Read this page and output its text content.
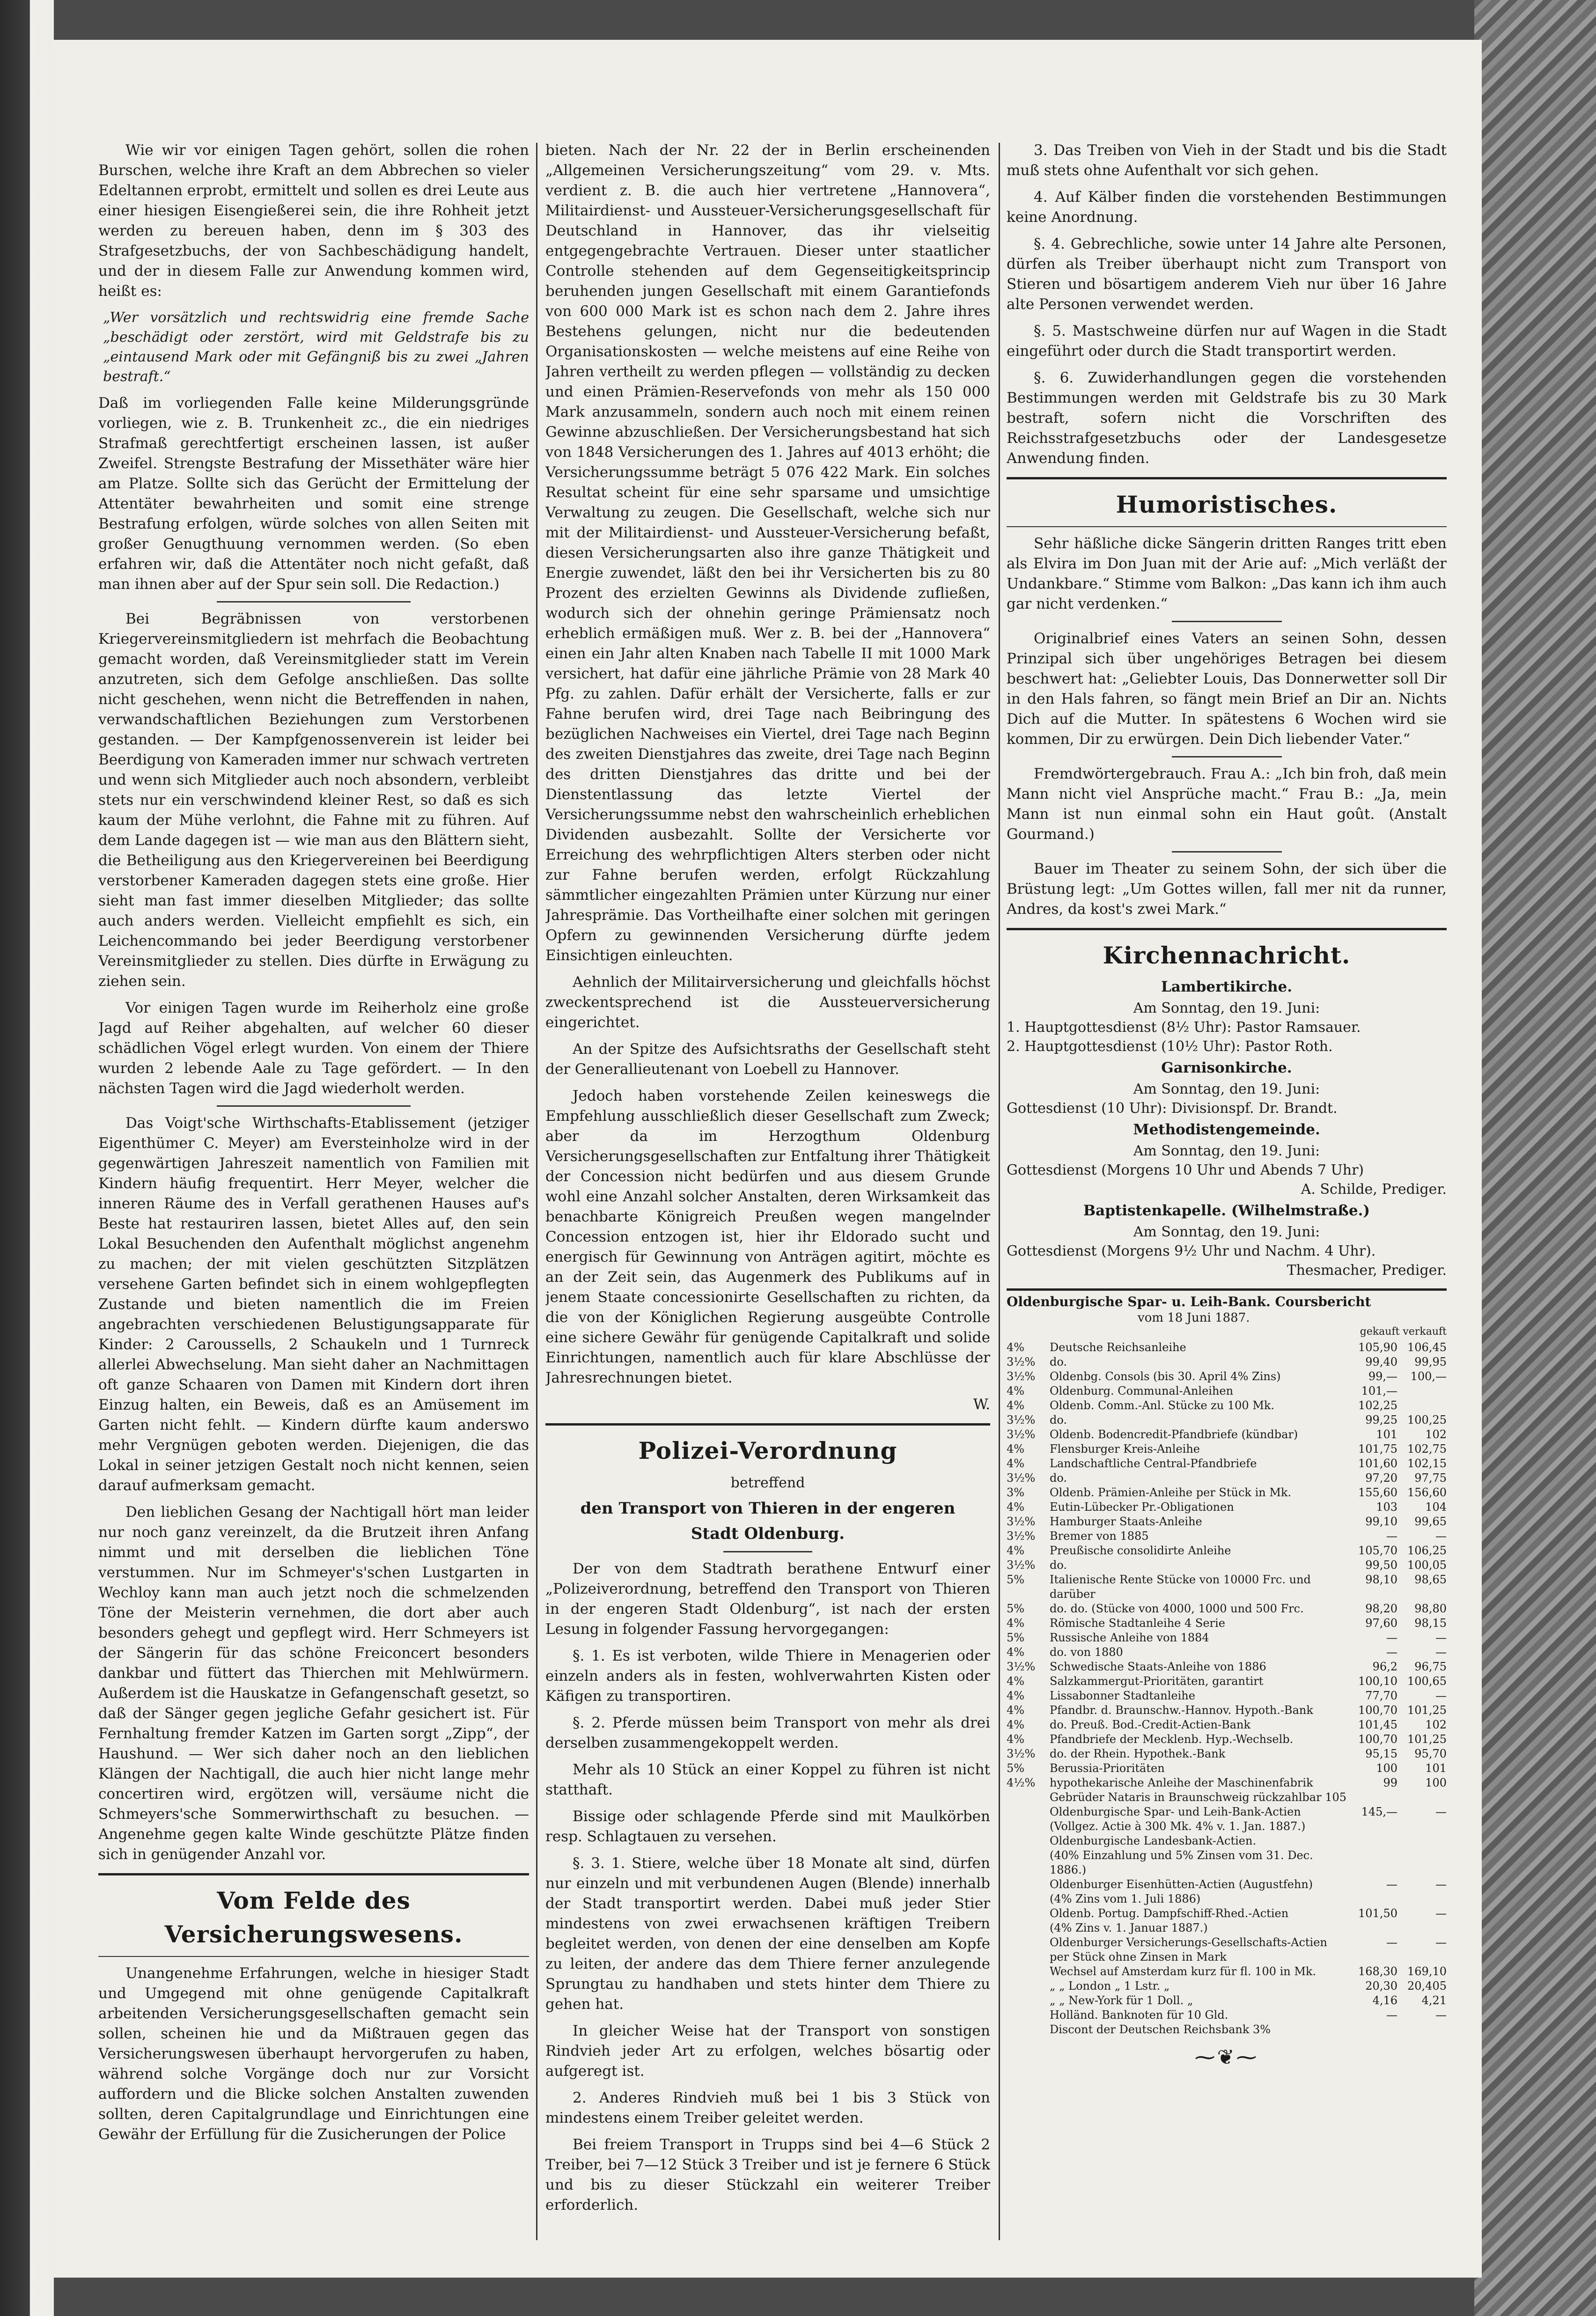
Wie wir vor einigen Tagen gehört, sollen die rohen Burschen, welche ihre Kraft an dem Abbrechen so vieler Edeltannen erprobt, ermittelt und sollen es drei Leute aus einer hiesigen Eisengießerei sein, die ihre Rohheit jetzt werden zu bereuen haben, denn im § 303 des Strafgesetzbuchs, der von Sachbeschädigung handelt, und der in diesem Falle zur Anwendung kommen wird, heißt es:

„Wer vorsätzlich und rechtswidrig eine fremde Sache „beschädigt oder zerstört, wird mit Geldstrafe bis zu „eintausend Mark oder mit Gefängniß bis zu zwei „Jahren bestraft.“

Daß im vorliegenden Falle keine Milderungsgründe vorliegen, wie z. B. Trunkenheit zc., die ein niedriges Strafmaß gerechtfertigt erscheinen lassen, ist außer Zweifel. Strengste Bestrafung der Missethäter wäre hier am Platze. Sollte sich das Gerücht der Ermittelung der Attentäter bewahrheiten und somit eine strenge Bestrafung erfolgen, würde solches von allen Seiten mit großer Genugthuung vernommen werden. (So eben erfahren wir, daß die Attentäter noch nicht gefaßt, daß man ihnen aber auf der Spur sein soll. Die Redaction.)

Bei Begräbnissen von verstorbenen Kriegervereinsmitgliedern ist mehrfach die Beobachtung gemacht worden, daß Vereinsmitglieder statt im Verein anzutreten, sich dem Gefolge anschließen. Das sollte nicht geschehen, wenn nicht die Betreffenden in nahen, verwandschaftlichen Beziehungen zum Verstorbenen gestanden. — Der Kampfgenossenverein ist leider bei Beerdigung von Kameraden immer nur schwach vertreten und wenn sich Mitglieder auch noch absondern, verbleibt stets nur ein verschwindend kleiner Rest, so daß es sich kaum der Mühe verlohnt, die Fahne mit zu führen. Auf dem Lande dagegen ist — wie man aus den Blättern sieht, die Betheiligung aus den Kriegervereinen bei Beerdigung verstorbener Kameraden dagegen stets eine große. Hier sieht man fast immer dieselben Mitglieder; das sollte auch anders werden. Vielleicht empfiehlt es sich, ein Leichencommando bei jeder Beerdigung verstorbener Vereinsmitglieder zu stellen. Dies dürfte in Erwägung zu ziehen sein.

Vor einigen Tagen wurde im Reiherholz eine große Jagd auf Reiher abgehalten, auf welcher 60 dieser schädlichen Vögel erlegt wurden. Von einem der Thiere wurden 2 lebende Aale zu Tage gefördert. — In den nächsten Tagen wird die Jagd wiederholt werden.

Das Voigt'sche Wirthschafts-Etablissement (jetziger Eigenthümer C. Meyer) am Eversteinholze wird in der gegenwärtigen Jahreszeit namentlich von Familien mit Kindern häufig frequentirt. Herr Meyer, welcher die inneren Räume des in Verfall gerathenen Hauses auf's Beste hat restauriren lassen, bietet Alles auf, den sein Lokal Besuchenden den Aufenthalt möglichst angenehm zu machen; der mit vielen geschützten Sitzplätzen versehene Garten befindet sich in einem wohlgepflegten Zustande und bieten namentlich die im Freien angebrachten verschiedenen Belustigungsapparate für Kinder: 2 Caroussells, 2 Schaukeln und 1 Turnreck allerlei Abwechselung. Man sieht daher an Nachmittagen oft ganze Schaaren von Damen mit Kindern dort ihren Einzug halten, ein Beweis, daß es an Amüsement im Garten nicht fehlt. — Kindern dürfte kaum anderswo mehr Vergnügen geboten werden. Diejenigen, die das Lokal in seiner jetzigen Gestalt noch nicht kennen, seien darauf aufmerksam gemacht.

Den lieblichen Gesang der Nachtigall hört man leider nur noch ganz vereinzelt, da die Brutzeit ihren Anfang nimmt und mit derselben die lieblichen Töne verstummen. Nur im Schmeyer's'schen Lustgarten in Wechloy kann man auch jetzt noch die schmelzenden Töne der Meisterin vernehmen, die dort aber auch besonders gehegt und gepflegt wird. Herr Schmeyers ist der Sängerin für das schöne Freiconcert besonders dankbar und füttert das Thierchen mit Mehlwürmern. Außerdem ist die Hauskatze in Gefangenschaft gesetzt, so daß der Sänger gegen jegliche Gefahr gesichert ist. Für Fernhaltung fremder Katzen im Garten sorgt „Zipp“, der Haushund. — Wer sich daher noch an den lieblichen Klängen der Nachtigall, die auch hier nicht lange mehr concertiren wird, ergötzen will, versäume nicht die Schmeyers'sche Sommerwirthschaft zu besuchen. — Angenehme gegen kalte Winde geschützte Plätze finden sich in genügender Anzahl vor.

Vom Felde des Versicherungswesens.

Unangenehme Erfahrungen, welche in hiesiger Stadt und Umgegend mit ohne genügende Capitalkraft arbeitenden Versicherungsgesellschaften gemacht sein sollen, scheinen hie und da Mißtrauen gegen das Versicherungswesen überhaupt hervorgerufen zu haben, während solche Vorgänge doch nur zur Vorsicht auffordern und die Blicke solchen Anstalten zuwenden sollten, deren Capitalgrundlage und Einrichtungen eine Gewähr der Erfüllung für die Zusicherungen der Police

bieten. Nach der Nr. 22 der in Berlin erscheinenden „Allgemeinen Versicherungszeitung“ vom 29. v. Mts. verdient z. B. die auch hier vertretene „Hannovera“, Militairdienst- und Aussteuer-Versicherungsgesellschaft für Deutschland in Hannover, das ihr vielseitig entgegengebrachte Vertrauen. Dieser unter staatlicher Controlle stehenden auf dem Gegenseitigkeitsprincip beruhenden jungen Gesellschaft mit einem Garantiefonds von 600 000 Mark ist es schon nach dem 2. Jahre ihres Bestehens gelungen, nicht nur die bedeutenden Organisationskosten — welche meistens auf eine Reihe von Jahren vertheilt zu werden pflegen — vollständig zu decken und einen Prämien-Reservefonds von mehr als 150 000 Mark anzusammeln, sondern auch noch mit einem reinen Gewinne abzuschließen. Der Versicherungsbestand hat sich von 1848 Versicherungen des 1. Jahres auf 4013 erhöht; die Versicherungssumme beträgt 5 076 422 Mark. Ein solches Resultat scheint für eine sehr sparsame und umsichtige Verwaltung zu zeugen. Die Gesellschaft, welche sich nur mit der Militairdienst- und Aussteuer-Versicherung befaßt, diesen Versicherungsarten also ihre ganze Thätigkeit und Energie zuwendet, läßt den bei ihr Versicherten bis zu 80 Prozent des erzielten Gewinns als Dividende zufließen, wodurch sich der ohnehin geringe Prämiensatz noch erheblich ermäßigen muß. Wer z. B. bei der „Hannovera“ einen ein Jahr alten Knaben nach Tabelle II mit 1000 Mark versichert, hat dafür eine jährliche Prämie von 28 Mark 40 Pfg. zu zahlen. Dafür erhält der Versicherte, falls er zur Fahne berufen wird, drei Tage nach Beibringung des bezüglichen Nachweises ein Viertel, drei Tage nach Beginn des zweiten Dienstjahres das zweite, drei Tage nach Beginn des dritten Dienstjahres das dritte und bei der Dienstentlassung das letzte Viertel der Versicherungssumme nebst den wahrscheinlich erheblichen Dividenden ausbezahlt. Sollte der Versicherte vor Erreichung des wehrpflichtigen Alters sterben oder nicht zur Fahne berufen werden, erfolgt Rückzahlung sämmtlicher eingezahlten Prämien unter Kürzung nur einer Jahresprämie. Das Vortheilhafte einer solchen mit geringen Opfern zu gewinnenden Versicherung dürfte jedem Einsichtigen einleuchten.

Aehnlich der Militairversicherung und gleichfalls höchst zweckentsprechend ist die Aussteuerversicherung eingerichtet.

An der Spitze des Aufsichtsraths der Gesellschaft steht der Generallieutenant von Loebell zu Hannover.

Jedoch haben vorstehende Zeilen keineswegs die Empfehlung ausschließlich dieser Gesellschaft zum Zweck; aber da im Herzogthum Oldenburg Versicherungsgesellschaften zur Entfaltung ihrer Thätigkeit der Concession nicht bedürfen und aus diesem Grunde wohl eine Anzahl solcher Anstalten, deren Wirksamkeit das benachbarte Königreich Preußen wegen mangelnder Concession entzogen ist, hier ihr Eldorado sucht und energisch für Gewinnung von Anträgen agitirt, möchte es an der Zeit sein, das Augenmerk des Publikums auf in jenem Staate concessionirte Gesellschaften zu richten, da die von der Königlichen Regierung ausgeübte Controlle eine sichere Gewähr für genügende Capitalkraft und solide Einrichtungen, namentlich auch für klare Abschlüsse der Jahresrechnungen bietet.

W.
Polizei-Verordnung
betreffend
den Transport von Thieren in der engeren
Stadt Oldenburg.

Der von dem Stadtrath berathene Entwurf einer „Polizeiverordnung, betreffend den Transport von Thieren in der engeren Stadt Oldenburg“, ist nach der ersten Lesung in folgender Fassung hervorgegangen:

§. 1. Es ist verboten, wilde Thiere in Menagerien oder einzeln anders als in festen, wohlverwahrten Kisten oder Käfigen zu transportiren.

§. 2. Pferde müssen beim Transport von mehr als drei derselben zusammengekoppelt werden.

Mehr als 10 Stück an einer Koppel zu führen ist nicht statthaft.

Bissige oder schlagende Pferde sind mit Maulkörben resp. Schlagtauen zu versehen.

§. 3. 1. Stiere, welche über 18 Monate alt sind, dürfen nur einzeln und mit verbundenen Augen (Blende) innerhalb der Stadt transportirt werden. Dabei muß jeder Stier mindestens von zwei erwachsenen kräftigen Treibern begleitet werden, von denen der eine denselben am Kopfe zu leiten, der andere das dem Thiere ferner anzulegende Sprungtau zu handhaben und stets hinter dem Thiere zu gehen hat.

In gleicher Weise hat der Transport von sonstigen Rindvieh jeder Art zu erfolgen, welches bösartig oder aufgeregt ist.

2. Anderes Rindvieh muß bei 1 bis 3 Stück von mindestens einem Treiber geleitet werden.

Bei freiem Transport in Trupps sind bei 4—6 Stück 2 Treiber, bei 7—12 Stück 3 Treiber und ist je fernere 6 Stück und bis zu dieser Stückzahl ein weiterer Treiber erforderlich.

3. Das Treiben von Vieh in der Stadt und bis die Stadt muß stets ohne Aufenthalt vor sich gehen.

4. Auf Kälber finden die vorstehenden Bestimmungen keine Anordnung.

§. 4. Gebrechliche, sowie unter 14 Jahre alte Personen, dürfen als Treiber überhaupt nicht zum Transport von Stieren und bösartigem anderem Vieh nur über 16 Jahre alte Personen verwendet werden.

§. 5. Mastschweine dürfen nur auf Wagen in die Stadt eingeführt oder durch die Stadt transportirt werden.

§. 6. Zuwiderhandlungen gegen die vorstehenden Bestimmungen werden mit Geldstrafe bis zu 30 Mark bestraft, sofern nicht die Vorschriften des Reichsstrafgesetzbuchs oder der Landesgesetze Anwendung finden.

Humoristisches.

Sehr häßliche dicke Sängerin dritten Ranges tritt eben als Elvira im Don Juan mit der Arie auf: „Mich verläßt der Undankbare.“ Stimme vom Balkon: „Das kann ich ihm auch gar nicht verdenken.“

Originalbrief eines Vaters an seinen Sohn, dessen Prinzipal sich über ungehöriges Betragen bei diesem beschwert hat: „Geliebter Louis, Das Donnerwetter soll Dir in den Hals fahren, so fängt mein Brief an Dir an. Nichts Dich auf die Mutter. In spätestens 6 Wochen wird sie kommen, Dir zu erwürgen. Dein Dich liebender Vater.“

Fremdwörtergebrauch. Frau A.: „Ich bin froh, daß mein Mann nicht viel Ansprüche macht.“ Frau B.: „Ja, mein Mann ist nun einmal sohn ein Haut goût. (Anstalt Gourmand.)

Bauer im Theater zu seinem Sohn, der sich über die Brüstung legt: „Um Gottes willen, fall mer nit da runner, Andres, da kost's zwei Mark.“

Kirchennachricht.
Lambertikirche.
Am Sonntag, den 19. Juni:
1. Hauptgottesdienst (8½ Uhr): Pastor Ramsauer.
2. Hauptgottesdienst (10½ Uhr): Pastor Roth.
Garnisonkirche.
Am Sonntag, den 19. Juni:
Gottesdienst (10 Uhr): Divisionspf. Dr. Brandt.
Methodistengemeinde.
Am Sonntag, den 19. Juni:
Gottesdienst (Morgens 10 Uhr und Abends 7 Uhr)
A. Schilde, Prediger.
Baptistenkapelle. (Wilhelmstraße.)
Am Sonntag, den 19. Juni:
Gottesdienst (Morgens 9½ Uhr und Nachm. 4 Uhr).
Thesmacher, Prediger.
Oldenburgische Spar- u. Leih-Bank. Coursbericht
vom 18 Juni 1887.
gekauft verkauft
4%	Deutsche Reichsanleihe	105,90	106,45
3½%	do.	99,40	99,95
3½%	Oldenbg. Consols (bis 30. April 4% Zins)	99,—	100,—
4%	Oldenburg. Communal-Anleihen	101,—	
4%	Oldenb. Comm.-Anl. Stücke zu 100 Mk.	102,25	
3½%	do.	99,25	100,25
3½%	Oldenb. Bodencredit-Pfandbriefe (kündbar)	101	102
4%	Flensburger Kreis-Anleihe	101,75	102,75
4%	Landschaftliche Central-Pfandbriefe	101,60	102,15
3½%	do.	97,20	97,75
3%	Oldenb. Prämien-Anleihe per Stück in Mk.	155,60	156,60
4%	Eutin-Lübecker Pr.-Obligationen	103	104
3½%	Hamburger Staats-Anleihe	99,10	99,65
3½%	Bremer von 1885	—	—
4%	Preußische consolidirte Anleihe	105,70	106,25
3½%	do.	99,50	100,05
5%	Italienische Rente Stücke von 10000 Frc. und darüber	98,10	98,65
5%	do. do. (Stücke von 4000, 1000 und 500 Frc.	98,20	98,80
4%	Römische Stadtanleihe 4 Serie	97,60	98,15
5%	Russische Anleihe von 1884	—	—
4%	do. von 1880	—	—
3½%	Schwedische Staats-Anleihe von 1886	96,2	96,75
4%	Salzkammergut-Prioritäten, garantirt	100,10	100,65
4%	Lissabonner Stadtanleihe	77,70	—
4%	Pfandbr. d. Braunschw.-Hannov. Hypoth.-Bank	100,70	101,25
4%	do. Preuß. Bod.-Credit-Actien-Bank	101,45	102
4%	Pfandbriefe der Mecklenb. Hyp.-Wechselb.	100,70	101,25
3½%	do. der Rhein. Hypothek.-Bank	95,15	95,70
5%	Berussia-Prioritäten	100	101
4½%	hypothekarische Anleihe der Maschinenfabrik Gebrüder Nataris in Braunschweig rückzahlbar 105	99	100
	Oldenburgische Spar- und Leih-Bank-Actien	145,—	—
	(Vollgez. Actie à 300 Mk. 4% v. 1. Jan. 1887.)		
	Oldenburgische Landesbank-Actien.		
	(40% Einzahlung und 5% Zinsen vom 31. Dec. 1886.)		
	Oldenburger Eisenhütten-Actien (Augustfehn)	—	—
	(4% Zins vom 1. Juli 1886)		
	Oldenb. Portug. Dampfschiff-Rhed.-Actien	101,50	—
	(4% Zins v. 1. Januar 1887.)		
	Oldenburger Versicherungs-Gesellschafts-Actien per Stück ohne Zinsen in Mark	—	—
	Wechsel auf Amsterdam kurz für fl. 100 in Mk.	168,30	169,10
	„ „ London „ 1 Lstr. „	20,30	20,405
	„ „ New-York für 1 Doll. „	4,16	4,21
	Holländ. Banknoten für 10 Gld.	—	—
	Discont der Deutschen Reichsbank 3%		
⁓❦⁓
